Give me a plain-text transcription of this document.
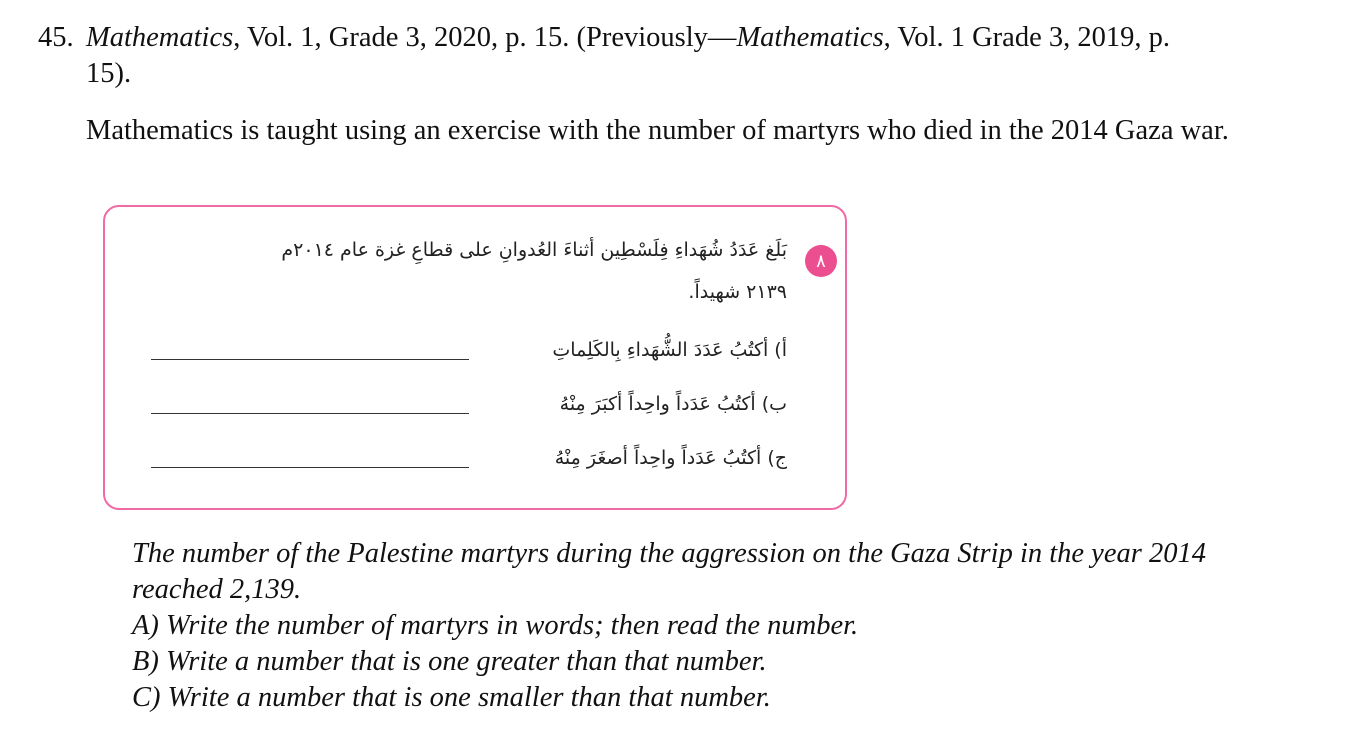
45. Mathematics, Vol. 1, Grade 3, 2020, p. 15. (Previously—Mathematics, Vol. 1 Grade 3, 2019, p.
15).
Mathematics is taught using an exercise with the number of martyrs who died in the 2014 Gaza war.
٨
بَلَغ عَدَدُ شُهَداءِ فِلَسْطِين أثناءَ العُدوانِ على قطاعِ غزة عام ٢٠١٤م
٢١٣٩ شهيداً.
أ) أكتُبُ عَدَدَ الشُّهَداءِ بِالكَلِماتِ
ب) أكتُبُ عَدَداً واحِداً أكبَرَ مِنْهُ
ج) أكتُبُ عَدَداً واحِداً أصغَرَ مِنْهُ
The number of the Palestine martyrs during the aggression on the Gaza Strip in the year 2014
reached 2,139.
A) Write the number of martyrs in words; then read the number.
B) Write a number that is one greater than that number.
C) Write a number that is one smaller than that number.
